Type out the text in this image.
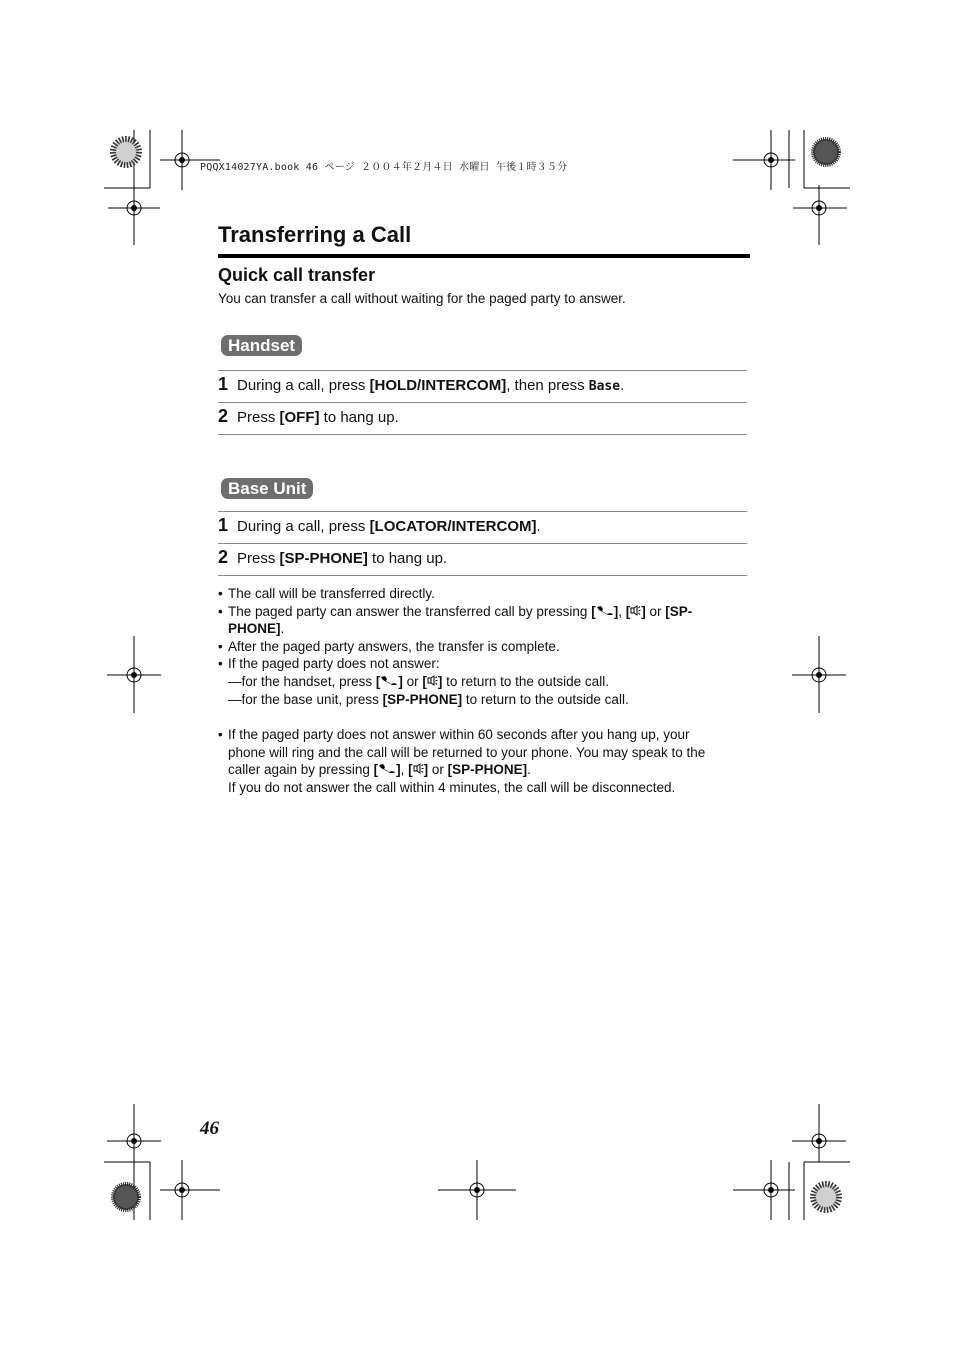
PQQX14027YA.book 46 ページ ２００４年２月４日 水曜日 午後１時３５分
Transferring a Call
Quick call transfer
You can transfer a call without waiting for the paged party to answer.
Handset
1 During a call, press [HOLD/INTERCOM], then press Base.
2 Press [OFF] to hang up.
Base Unit
1 During a call, press [LOCATOR/INTERCOM].
2 Press [SP-PHONE] to hang up.
• The call will be transferred directly.
• The paged party can answer the transferred call by pressing [ ], [ ] or [SP-
PHONE].
• After the paged party answers, the transfer is complete.
• If the paged party does not answer:
—for the handset, press [ ] or [ ] to return to the outside call.
—for the base unit, press [SP-PHONE] to return to the outside call.
• If the paged party does not answer within 60 seconds after you hang up, your
phone will ring and the call will be returned to your phone. You may speak to the
caller again by pressing [ ], [ ] or [SP-PHONE].
If you do not answer the call within 4 minutes, the call will be disconnected.
46
